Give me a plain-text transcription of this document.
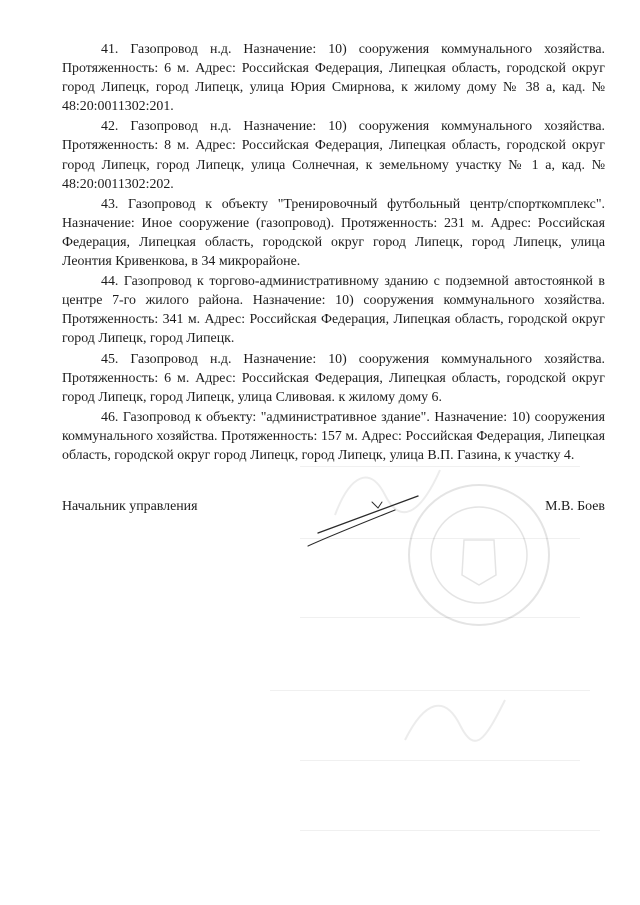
41. Газопровод н.д. Назначение: 10) сооружения коммунального хозяйства. Протяженность: 6 м. Адрес: Российская Федерация, Липецкая область, городской округ город Липецк, город Липецк, улица Юрия Смирнова, к жилому дому № 38 а, кад. № 48:20:0011302:201.

42. Газопровод н.д. Назначение: 10) сооружения коммунального хозяйства. Протяженность: 8 м. Адрес: Российская Федерация, Липецкая область, городской округ город Липецк, город Липецк, улица Солнечная, к земельному участку № 1 а, кад. № 48:20:0011302:202.

43. Газопровод к объекту "Тренировочный футбольный центр/спорткомплекс". Назначение: Иное сооружение (газопровод). Протяженность: 231 м. Адрес: Российская Федерация, Липецкая область, городской округ город Липецк, город Липецк, улица Леонтия Кривенкова, в 34 микрорайоне.

44. Газопровод к торгово-административному зданию с подземной автостоянкой в центре 7-го жилого района. Назначение: 10) сооружения коммунального хозяйства. Протяженность: 341 м. Адрес: Российская Федерация, Липецкая область, городской округ город Липецк, город Липецк.

45. Газопровод н.д. Назначение: 10) сооружения коммунального хозяйства. Протяженность: 6 м. Адрес: Российская Федерация, Липецкая область, городской округ город Липецк, город Липецк, улица Сливовая. к жилому дому 6.

46. Газопровод к объекту: "административное здание". Назначение: 10) сооружения коммунального хозяйства. Протяженность: 157 м. Адрес: Российская Федерация, Липецкая область, городской округ город Липецк, город Липецк, улица В.П. Газина, к участку 4.

Начальник управления	М.В. Боев
